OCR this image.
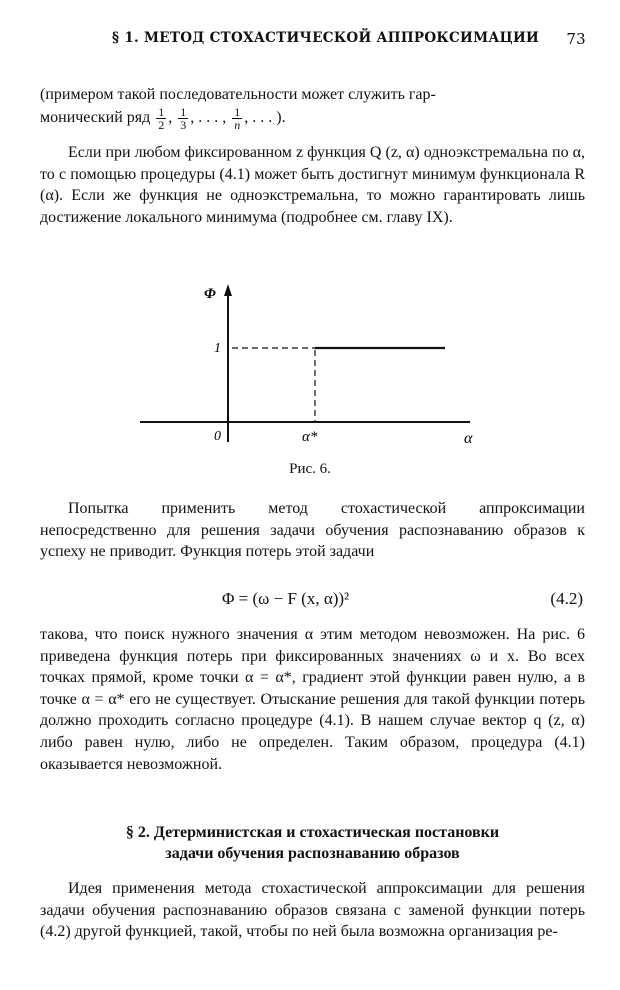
§ 1. МЕТОД СТОХАСТИЧЕСКОЙ АППРОКСИМАЦИИ 73
(примером такой последовательности может служить гар-
монический ряд $\frac{1}{2}$ , $\frac{1}{3}$ , . . . , $\frac{1}{n}$ , . . . ).
Если при любом фиксированном z функция Q (z, α) одноэкстремальна по α, то с помощью процедуры (4.1) может быть достигнут минимум функционала R (α). Если же функция не одноэкстремальна, то можно гарантировать лишь достижение локального минимума (подробнее см. главу IX).
Φ
1
0	α*	α
Рис. 6.
Попытка применить метод стохастической аппроксимации непосредственно для решения задачи обучения распознаванию образов к успеху не приводит. Функция потерь этой задачи
Φ = (ω − F (x, α))²	(4.2)
такова, что поиск нужного значения α этим методом невозможен. На рис. 6 приведена функция потерь при фиксированных значениях ω и x. Во всех точках прямой, кроме точки α = α*, градиент этой функции равен нулю, а в точке α = α* его не существует. Отыскание решения для такой функции потерь должно проходить согласно процедуре (4.1). В нашем случае вектор q (z, α) либо равен нулю, либо не определен. Таким образом, процедура (4.1) оказывается невозможной.
§ 2. Детерминистская и стохастическая постановки
задачи обучения распознаванию образов
Идея применения метода стохастической аппроксимации для решения задачи обучения распознаванию образов связана с заменой функции потерь (4.2) другой функцией, такой, чтобы по ней была возможна организация ре-
